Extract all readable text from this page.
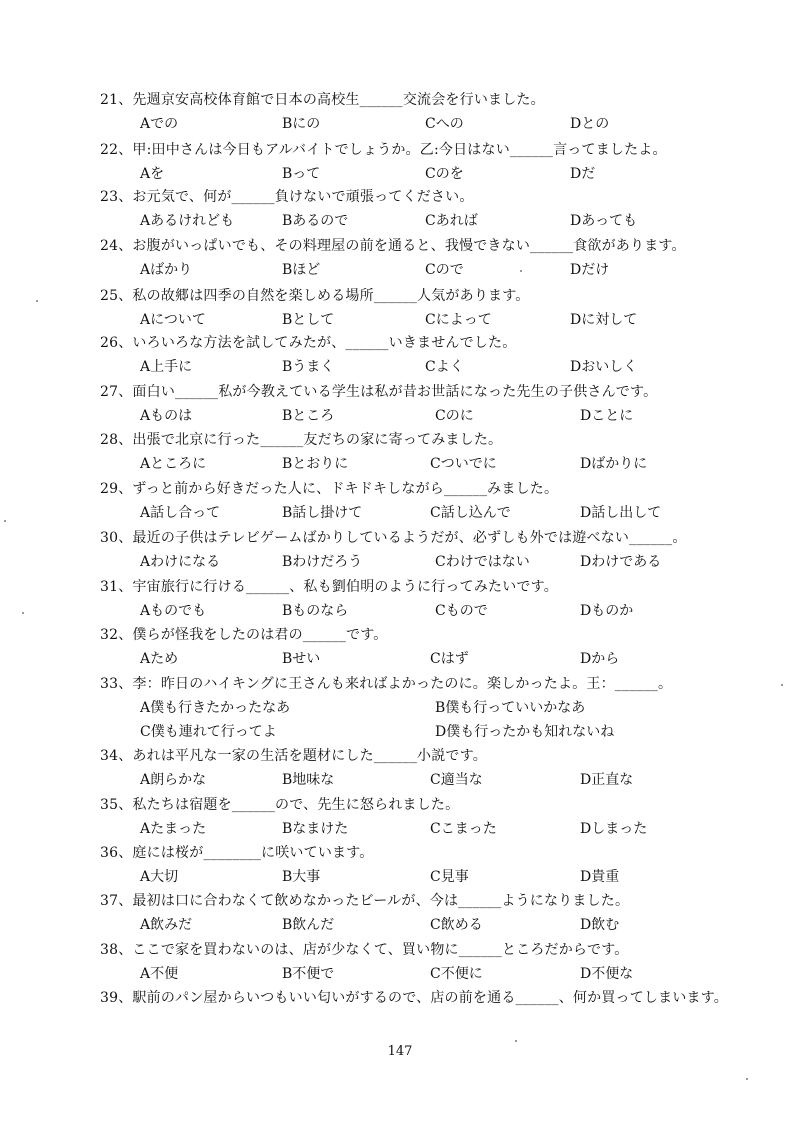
21、先週京安高校体育館で日本の高校生______交流会を行いました。
Aでの	Bにの	Cへの	Dとの
22、甲:田中さんは今日もアルバイトでしょうか。乙:今日はない______言ってましたよ。
Aを	Bって	Cのを	Dだ
23、お元気で、何が______負けないで頑張ってください。
Aあるけれども	Bあるので	Cあれば	Dあっても
24、お腹がいっぱいでも、その料理屋の前を通ると、我慢できない______食欲があります。
Aばかり	Bほど	Cので	Dだけ
25、私の故郷は四季の自然を楽しめる場所______人気があります。
Aについて	Bとして	Cによって	Dに対して
26、いろいろな方法を試してみたが、______いきませんでした。
A上手に	Bうまく	Cよく	Dおいしく
27、面白い______私が今教えている学生は私が昔お世話になった先生の子供さんです。
Aものは	Bところ	Cのに	Dことに
28、出張で北京に行った______友だちの家に寄ってみました。
Aところに	Bとおりに	Cついでに	Dばかりに
29、ずっと前から好きだった人に、ドキドキしながら______みました。
A話し合って	B話し掛けて	C話し込んで	D話し出して
30、最近の子供はテレビゲームばかりしているようだが、必ずしも外では遊べない______。
Aわけになる	Bわけだろう	Cわけではない	Dわけである
31、宇宙旅行に行ける______、私も劉伯明のように行ってみたいです。
Aものでも	Bものなら	Cもので	Dものか
32、僕らが怪我をしたのは君の______です。
Aため	Bせい	Cはず	Dから
33、李：昨日のハイキングに王さんも来ればよかったのに。楽しかったよ。王：______。
A僕も行きたかったなあ	B僕も行っていいかなあ
C僕も連れて行ってよ	D僕も行ったかも知れないね
34、あれは平凡な一家の生活を題材にした______小説です。
A朗らかな	B地味な	C適当な	D正直な
35、私たちは宿題を______ので、先生に怒られました。
Aたまった	Bなまけた	Cこまった	Dしまった
36、庭には桜が________に咲いています。
A大切	B大事	C見事	D貴重
37、最初は口に合わなくて飲めなかったビールが、今は______ようになりました。
A飲みだ	B飲んだ	C飲める	D飲む
38、ここで家を買わないのは、店が少なくて、買い物に______ところだからです。
A不便	B不便で	C不便に	D不便な
39、駅前のパン屋からいつもいい匂いがするので、店の前を通る______、何か買ってしまいます。
147
